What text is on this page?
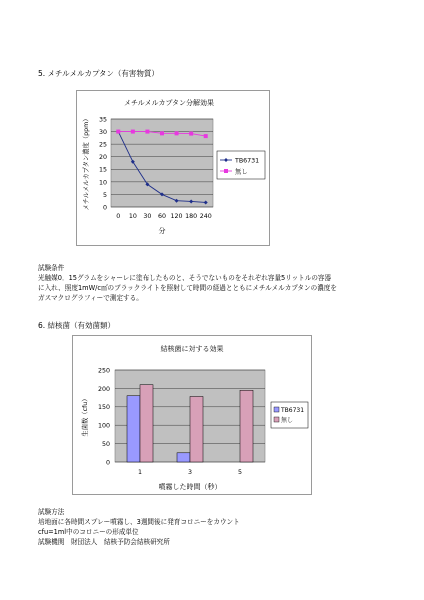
5. メチルメルカプタン（有害物質）
メチルメルカプタン分解効果
0
5
10
15
20
25
30
35
0 10 30 60 120 180 240
分
メチルメルカプタン濃度（ppm）	TB6731
無し
試験条件
光触媒0．15グラムをシャーレに塗布したものと、そうでないものをそれぞれ容量5リットルの容器
に入れ、照度1mW/c㎡のブラックライトを照射して時間の経過とともにメチルメルカプタンの濃度を
ガスマクログラフィーで測定する。
6. 結核菌（有効菌類）
結核菌に対する効果
0
50
100
150
200
250
1	3	5
噴霧した時間（秒）
生菌数（cfu）	TB6731
無し
試験方法
培地面に各時間スプレー噴霧し、3週間後に発育コロニーをカウント
cfu=1ml中のコロニーの形成単位
試験機関　財団法人　結核予防会結核研究所
